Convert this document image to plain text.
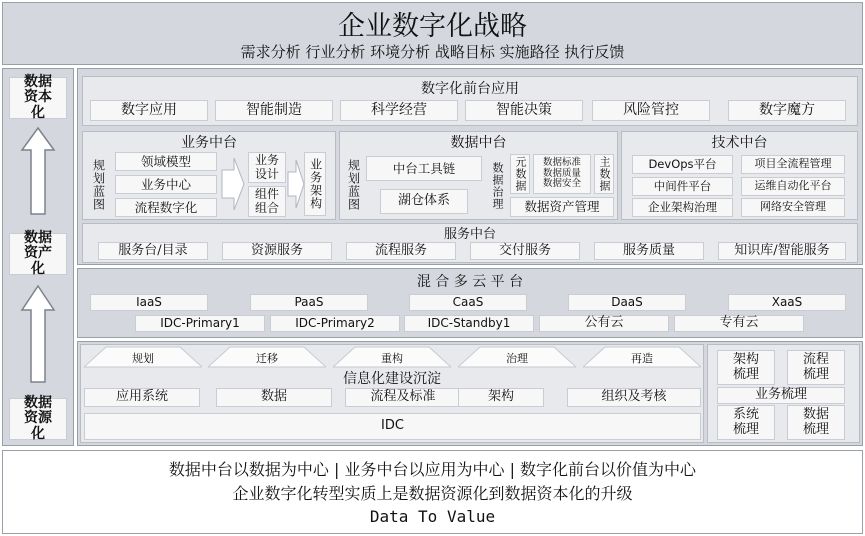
企业数字化战略
需求分析 行业分析 环境分析 战略目标 实施路径 执行反馈
数据资本化
数据资产化
数据资源化
数字化前台应用
数字应用	智能制造	科学经营	智能决策	风险管控	数字魔方
业务中台
规划蓝图	领域模型
业务中心
流程数字化
业务设计
组件组合	业务架构
数据中台
规划蓝图	中台工具链
湖仓体系	数据治理 元数据	数据标准
数据质量
数据安全	主数据
数据资产管理
技术中台
DevOps平台	项目全流程管理
中间件平台	运维自动化平台
企业架构治理	网络安全管理
服务中台
服务台/目录	资源服务	流程服务	交付服务	服务质量	知识库/智能服务
混 合 多 云 平 台
IaaS	PaaS	CaaS	DaaS	XaaS
IDC-Primary1	IDC-Primary2	IDC-Standby1	公有云	专有云
规划	迁移	重构	治理	再造
信息化建设沉淀
应用系统	数据	流程及标准	架构	组织及考核
IDC
架构梳理
流程梳理
业务梳理
系统梳理
数据梳理
数据中台以数据为中心 | 业务中台以应用为中心 | 数字化前台以价值为中心
企业数字化转型实质上是数据资源化到数据资本化的升级
Data To Value
